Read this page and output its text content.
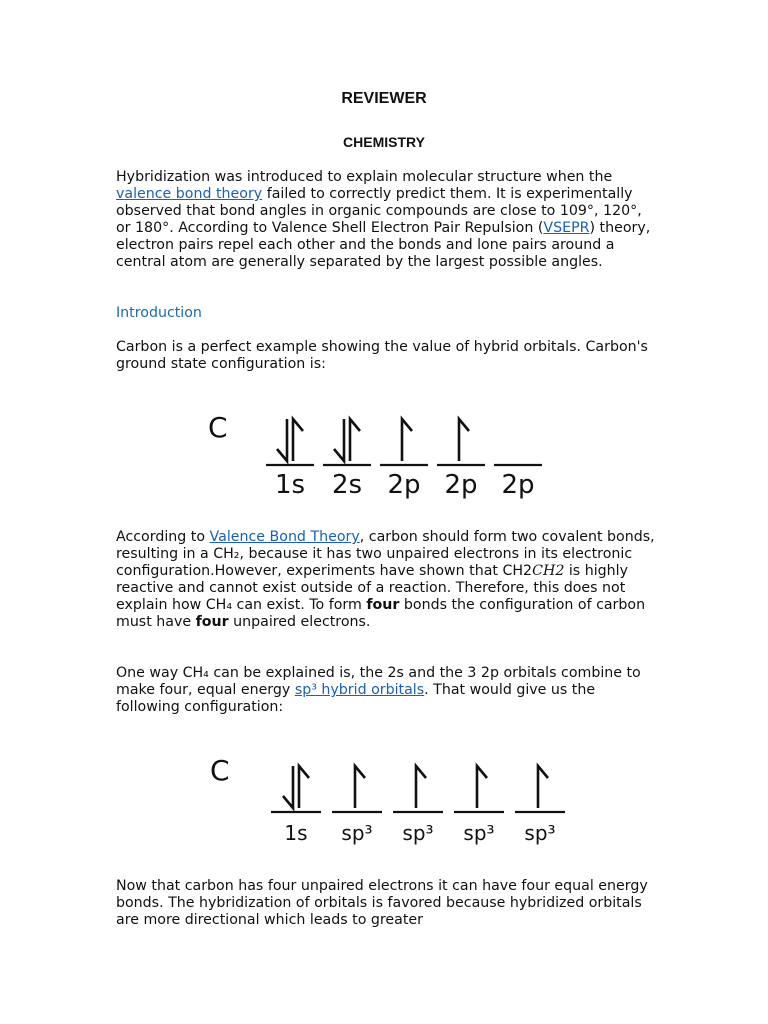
REVIEWER
CHEMISTRY

Hybridization was introduced to explain molecular structure when the valence bond theory failed to correctly predict them. It is experimentally observed that bond angles in organic compounds are close to 109°, 120°, or 180°. According to Valence Shell Electron Pair Repulsion (VSEPR) theory, electron pairs repel each other and the bonds and lone pairs around a central atom are generally separated by the largest possible angles.

Introduction

Carbon is a perfect example showing the value of hybrid orbitals. Carbon's ground state configuration is:

C
1s 2s 2p 2p 2p

According to Valence Bond Theory, carbon should form two covalent bonds, resulting in a CH₂, because it has two unpaired electrons in its electronic configuration.However, experiments have shown that CH2CH2 is highly reactive and cannot exist outside of a reaction. Therefore, this does not explain how CH₄ can exist. To form four bonds the configuration of carbon must have four unpaired electrons.

One way CH₄ can be explained is, the 2s and the 3 2p orbitals combine to make four, equal energy sp³ hybrid orbitals. That would give us the following configuration:

C
1s sp³ sp³ sp³ sp³

Now that carbon has four unpaired electrons it can have four equal energy bonds. The hybridization of orbitals is favored because hybridized orbitals are more directional which leads to greater
